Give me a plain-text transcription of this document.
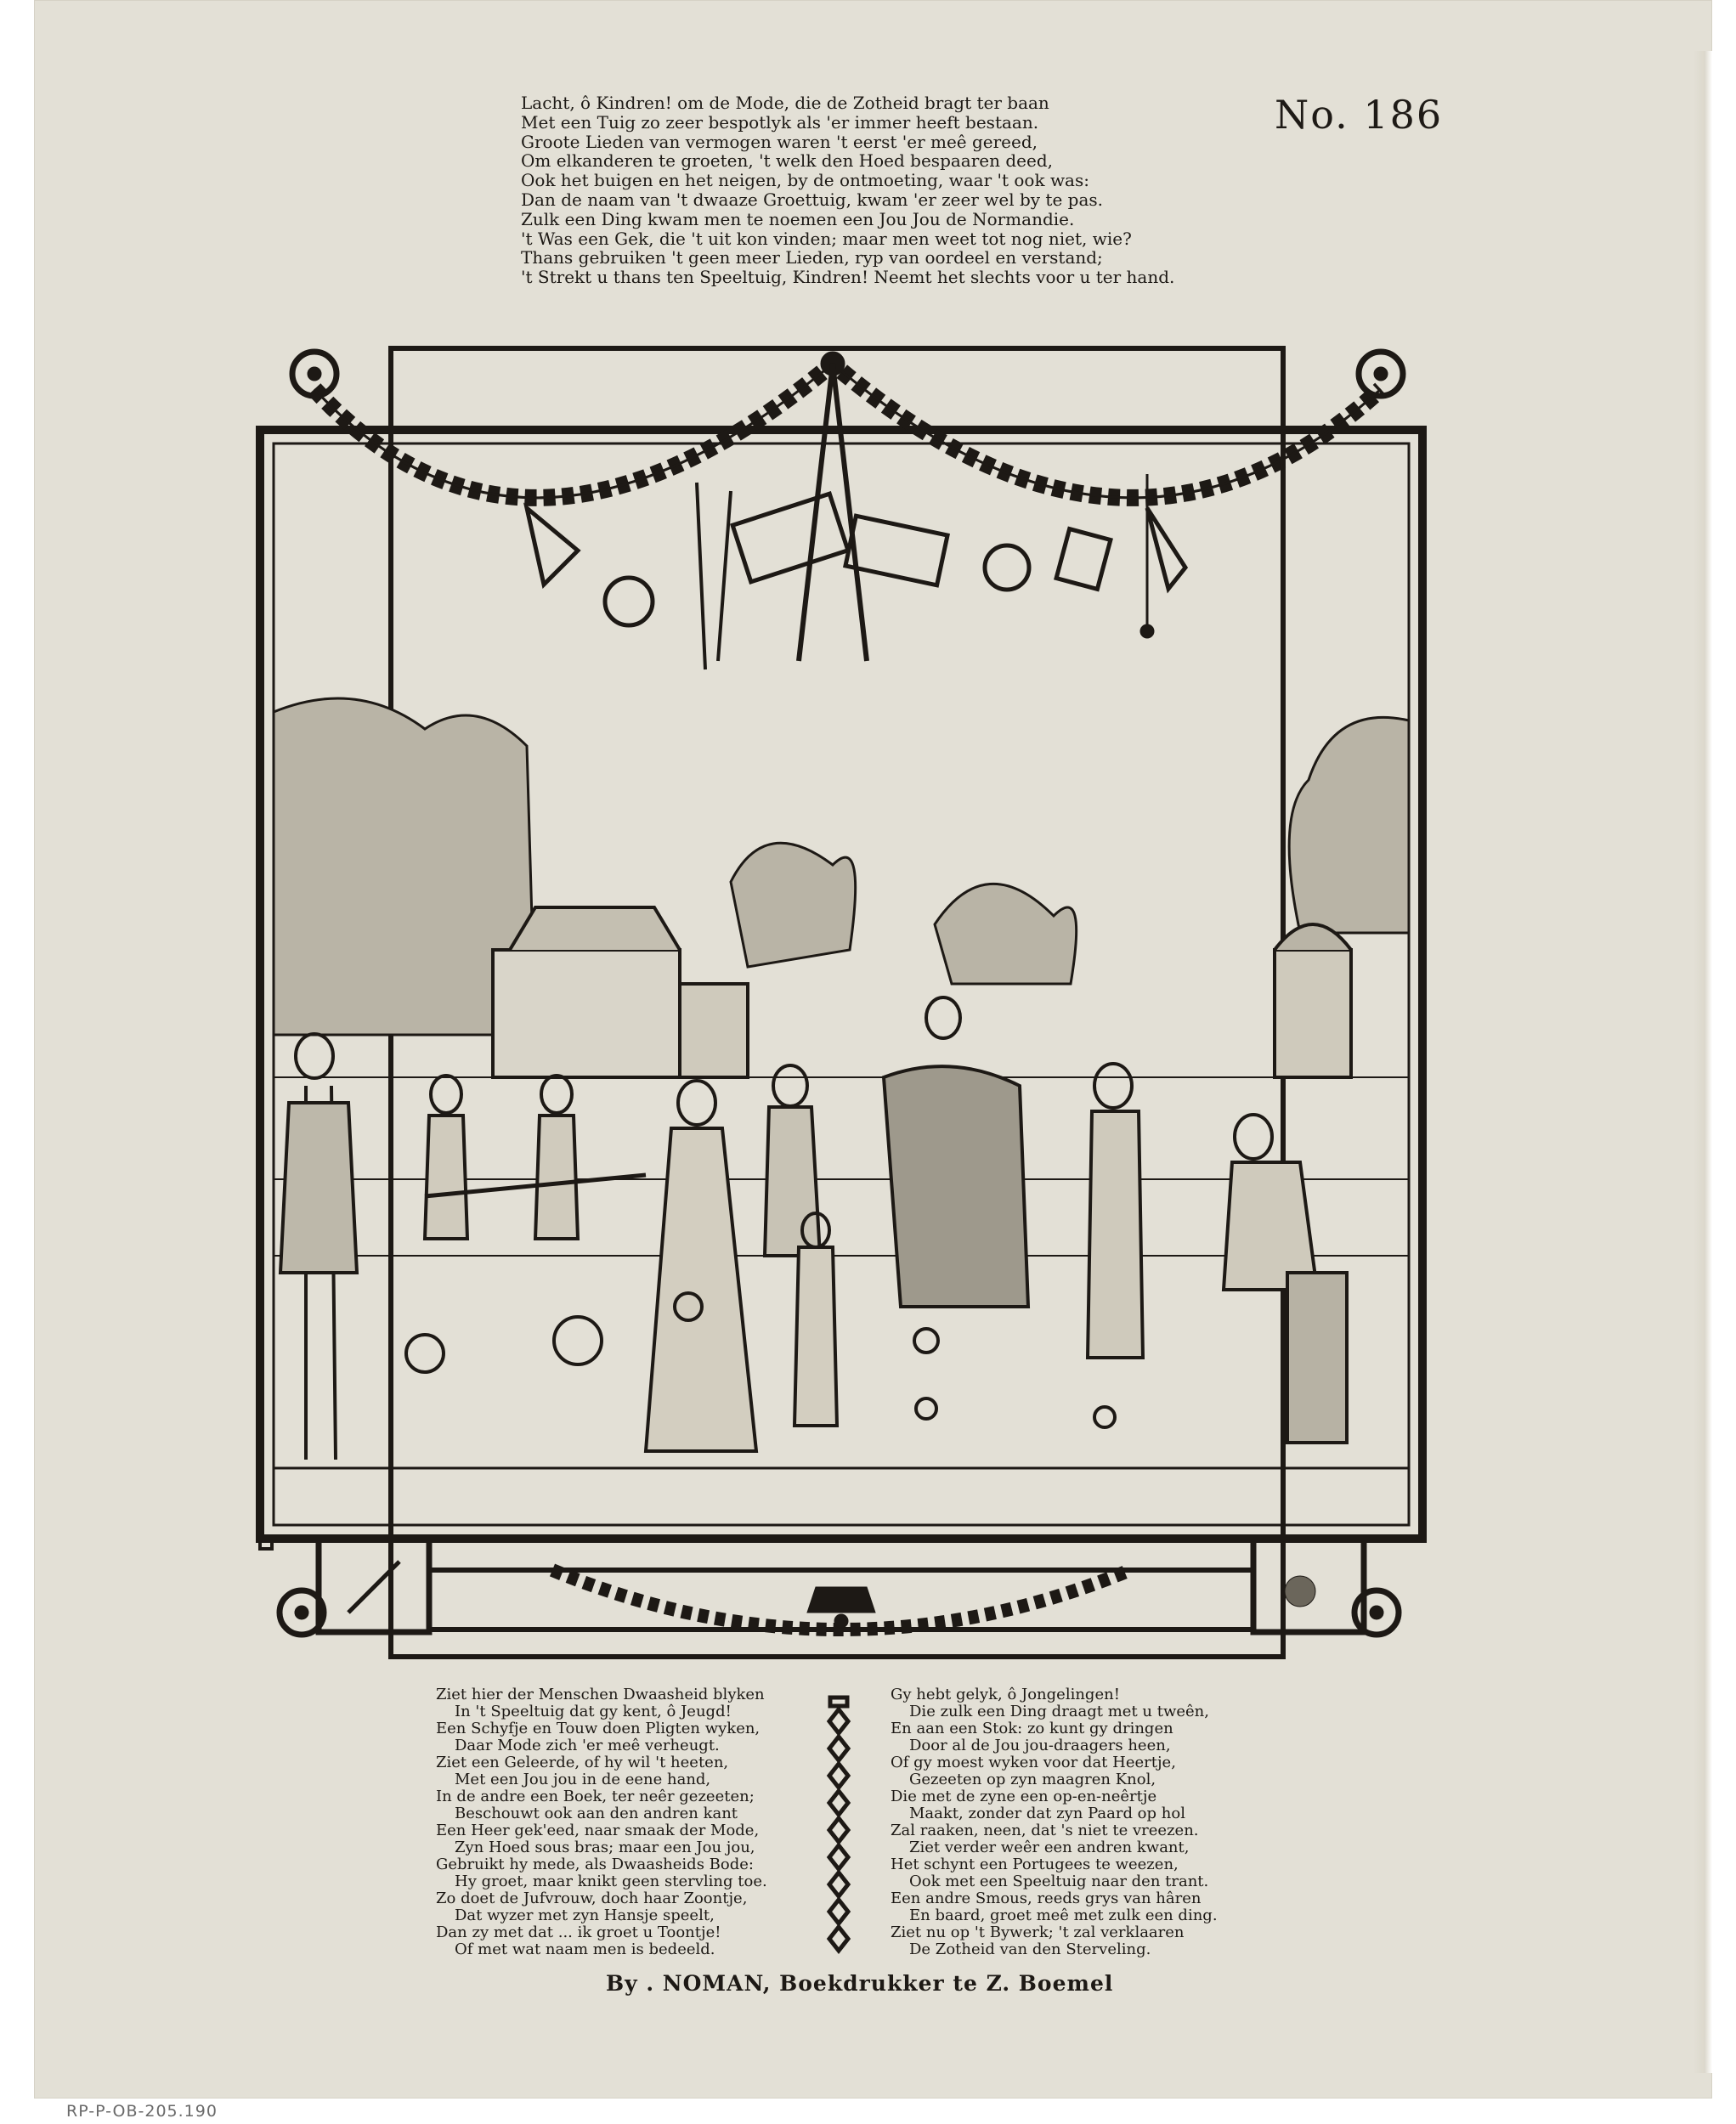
No. 186
Lacht, ô Kindren! om de Mode, die de Zotheid bragt ter baan
Met een Tuig zo zeer bespotlyk als 'er immer heeft bestaan.
Groote Lieden van vermogen waren 't eerst 'er meê gereed,
Om elkanderen te groeten, 't welk den Hoed bespaaren deed,
Ook het buigen en het neigen, by de ontmoeting, waar 't ook was:
Dan de naam van 't dwaaze Groettuig, kwam 'er zeer wel by te pas.
Zulk een Ding kwam men te noemen een Jou Jou de Normandie.
't Was een Gek, die 't uit kon vinden; maar men weet tot nog niet, wie?
Thans gebruiken 't geen meer Lieden, ryp van oordeel en verstand;
't Strekt u thans ten Speeltuig, Kindren! Neemt het slechts voor u ter hand.
Ziet hier der Menschen Dwaasheid blyken
In 't Speeltuig dat gy kent, ô Jeugd!
Een Schyfje en Touw doen Pligten wyken,
Daar Mode zich 'er meê verheugt.
Ziet een Geleerde, of hy wil 't heeten,
Met een Jou jou in de eene hand,
In de andre een Boek, ter neêr gezeeten;
Beschouwt ook aan den andren kant
Een Heer gek'eed, naar smaak der Mode,
Zyn Hoed sous bras; maar een Jou jou,
Gebruikt hy mede, als Dwaasheids Bode:
Hy groet, maar knikt geen stervling toe.
Zo doet de Jufvrouw, doch haar Zoontje,
Dat wyzer met zyn Hansje speelt,
Dan zy met dat ... ik groet u Toontje!
Of met wat naam men is bedeeld.
Gy hebt gelyk, ô Jongelingen!
Die zulk een Ding draagt met u tweên,
En aan een Stok: zo kunt gy dringen
Door al de Jou jou-draagers heen,
Of gy moest wyken voor dat Heertje,
Gezeeten op zyn maagren Knol,
Die met de zyne een op-en-neêrtje
Maakt, zonder dat zyn Paard op hol
Zal raaken, neen, dat 's niet te vreezen.
Ziet verder weêr een andren kwant,
Het schynt een Portugees te weezen,
Ook met een Speeltuig naar den trant.
Een andre Smous, reeds grys van hâren
En baard, groet meê met zulk een ding.
Ziet nu op 't Bywerk; 't zal verklaaren
De Zotheid van den Sterveling.
By . NOMAN, Boekdrukker te Z. Boemel
RP-P-OB-205.190
